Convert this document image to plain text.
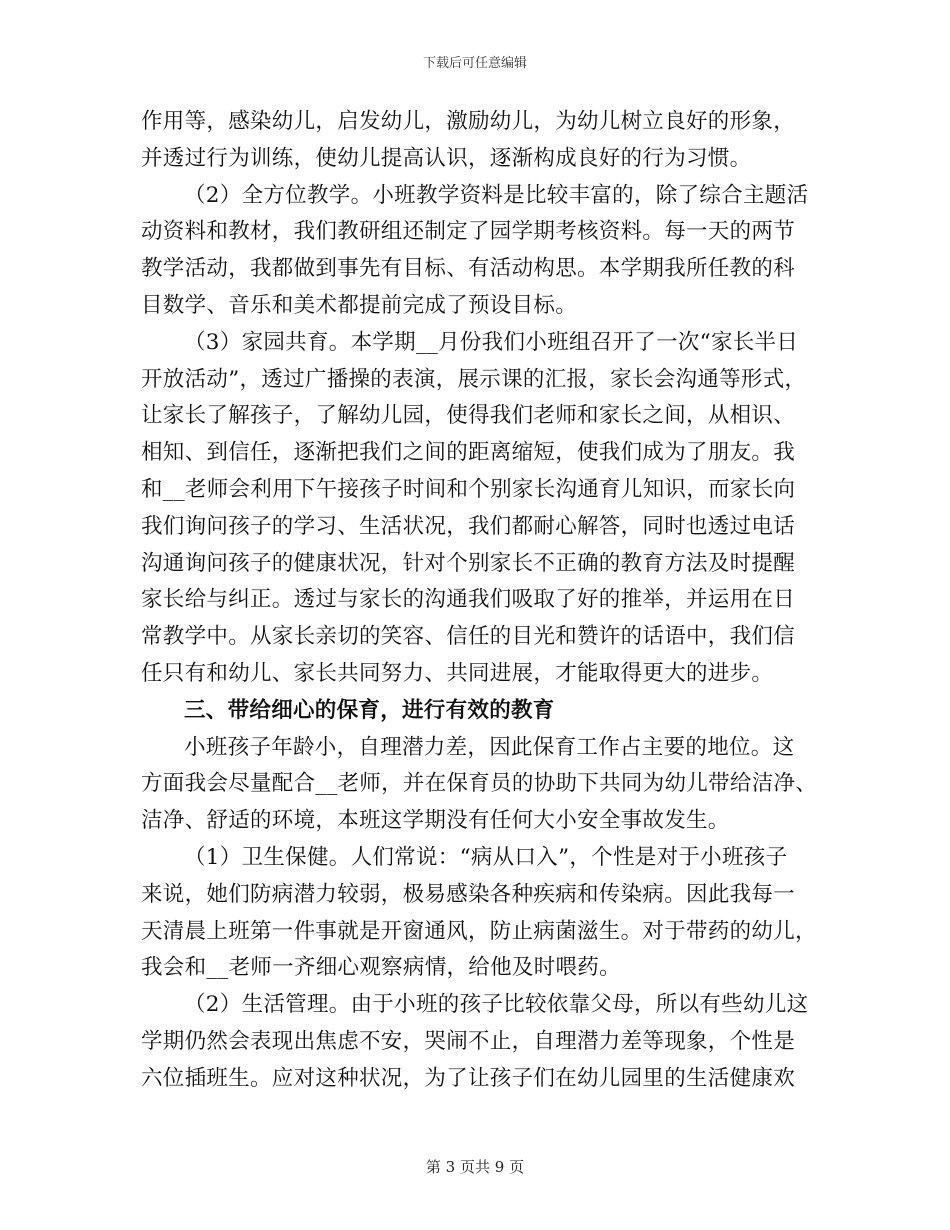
下载后可任意编辑
作用等，感染幼儿，启发幼儿，激励幼儿，为幼儿树立良好的形象，
并透过行为训练，使幼儿提高认识，逐渐构成良好的行为习惯。
（2）全方位教学。小班教学资料是比较丰富的，除了综合主题活
动资料和教材，我们教研组还制定了园学期考核资料。每一天的两节
教学活动，我都做到事先有目标、有活动构思。本学期我所任教的科
目数学、音乐和美术都提前完成了预设目标。
（3）家园共育。本学期__月份我们小班组召开了一次“家长半日
开放活动”，透过广播操的表演，展示课的汇报，家长会沟通等形式，
让家长了解孩子，了解幼儿园，使得我们老师和家长之间，从相识、
相知、到信任，逐渐把我们之间的距离缩短，使我们成为了朋友。我
和__老师会利用下午接孩子时间和个别家长沟通育儿知识，而家长向
我们询问孩子的学习、生活状况，我们都耐心解答，同时也透过电话
沟通询问孩子的健康状况，针对个别家长不正确的教育方法及时提醒
家长给与纠正。透过与家长的沟通我们吸取了好的推举，并运用在日
常教学中。从家长亲切的笑容、信任的目光和赞许的话语中，我们信
任只有和幼儿、家长共同努力、共同进展，才能取得更大的进步。
三、带给细心的保育，进行有效的教育
小班孩子年龄小，自理潜力差，因此保育工作占主要的地位。这
方面我会尽量配合__老师，并在保育员的协助下共同为幼儿带给洁净、
洁净、舒适的环境，本班这学期没有任何大小安全事故发生。
（1）卫生保健。人们常说：“病从口入”，个性是对于小班孩子
来说，她们防病潜力较弱，极易感染各种疾病和传染病。因此我每一
天清晨上班第一件事就是开窗通风，防止病菌滋生。对于带药的幼儿，
我会和__老师一齐细心观察病情，给他及时喂药。
（2）生活管理。由于小班的孩子比较依靠父母，所以有些幼儿这
学期仍然会表现出焦虑不安，哭闹不止，自理潜力差等现象，个性是
六位插班生。应对这种状况，为了让孩子们在幼儿园里的生活健康欢
第 3 页共 9 页
